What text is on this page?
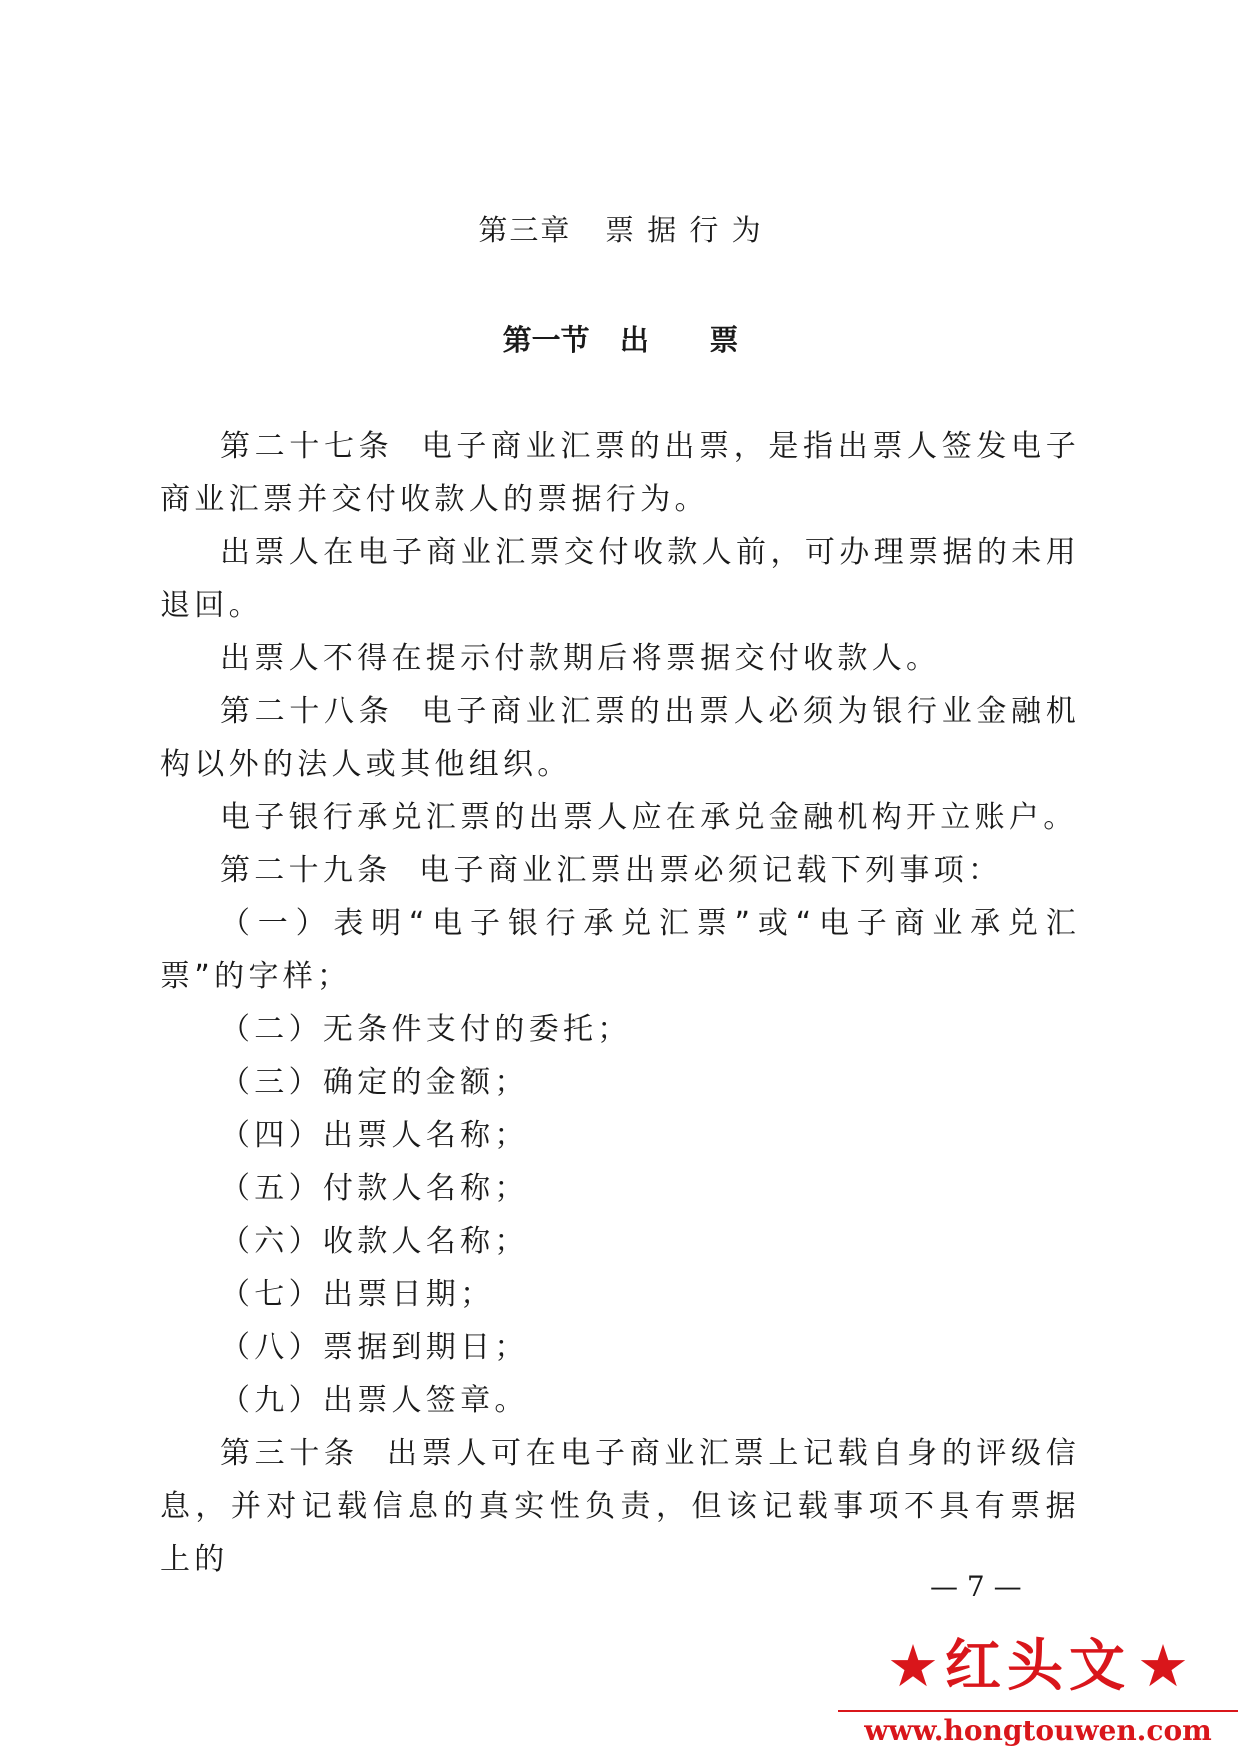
第三章   票 据 行 为
第一节   出      票

第二十七条  电子商业汇票的出票，是指出票人签发电子商业汇票并交付收款人的票据行为。

出票人在电子商业汇票交付收款人前，可办理票据的未用退回。

出票人不得在提示付款期后将票据交付收款人。

第二十八条  电子商业汇票的出票人必须为银行业金融机构以外的法人或其他组织。

电子银行承兑汇票的出票人应在承兑金融机构开立账户。

第二十九条  电子商业汇票出票必须记载下列事项：

（一）表明“电子银行承兑汇票”或“电子商业承兑汇票”的字样；

（二）无条件支付的委托；

（三）确定的金额；

（四）出票人名称；

（五）付款人名称；

（六）收款人名称；

（七）出票日期；

（八）票据到期日；

（九）出票人签章。

第三十条  出票人可在电子商业汇票上记载自身的评级信息，并对记载信息的真实性负责，但该记载事项不具有票据上的

— 7 —
★ 红头文 ★
www.hongtouwen.com
